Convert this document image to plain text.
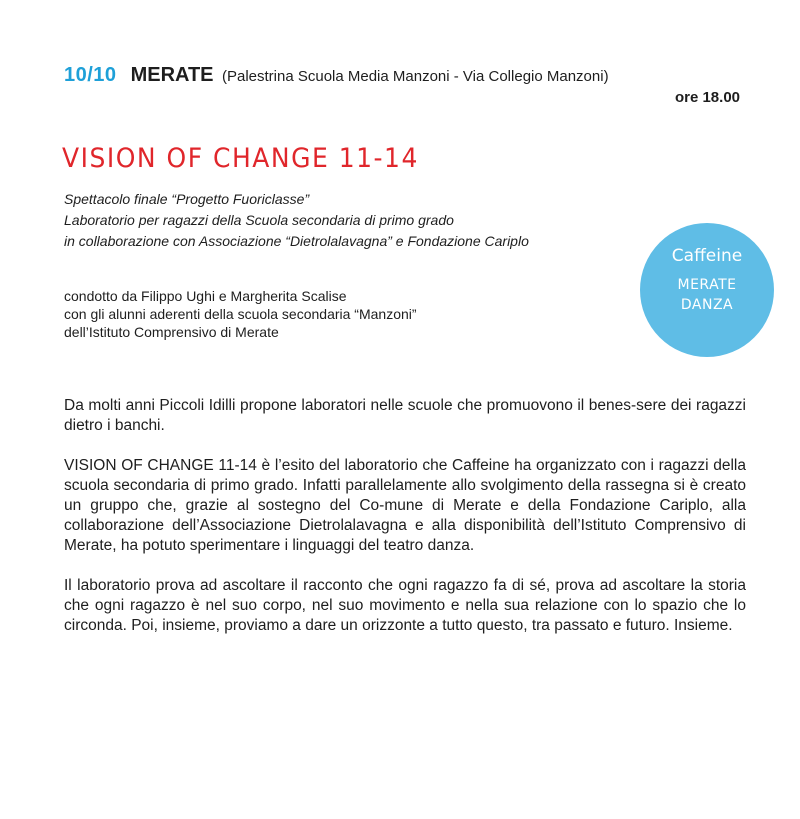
10/10 MERATE (Palestrina Scuola Media Manzoni - Via Collegio Manzoni)
ore 18.00
VISION OF CHANGE 11-14
Spettacolo finale “Progetto Fuoriclasse”
Laboratorio per ragazzi della Scuola secondaria di primo grado
in collaborazione con Associazione “Dietrolalavagna” e Fondazione Cariplo
Caffeine
MERATE
DANZA
condotto da Filippo Ughi e Margherita Scalise
con gli alunni aderenti della scuola secondaria “Manzoni”
dell’Istituto Comprensivo di Merate

Da molti anni Piccoli Idilli propone laboratori nelle scuole che promuovono il benes-sere dei ragazzi dietro i banchi.

VISION OF CHANGE 11-14 è l’esito del laboratorio che Caffeine ha organizzato con i ragazzi della scuola secondaria di primo grado. Infatti parallelamente allo svolgimento della rassegna si è creato un gruppo che, grazie al sostegno del Co-mune di Merate e della Fondazione Cariplo, alla collaborazione dell’Associazione Dietrolalavagna e alla disponibilità dell’Istituto Comprensivo di Merate, ha potuto sperimentare i linguaggi del teatro danza.

Il laboratorio prova ad ascoltare il racconto che ogni ragazzo fa di sé, prova ad ascoltare la storia che ogni ragazzo è nel suo corpo, nel suo movimento e nella sua relazione con lo spazio che lo circonda. Poi, insieme, proviamo a dare un orizzonte a tutto questo, tra passato e futuro. Insieme.
